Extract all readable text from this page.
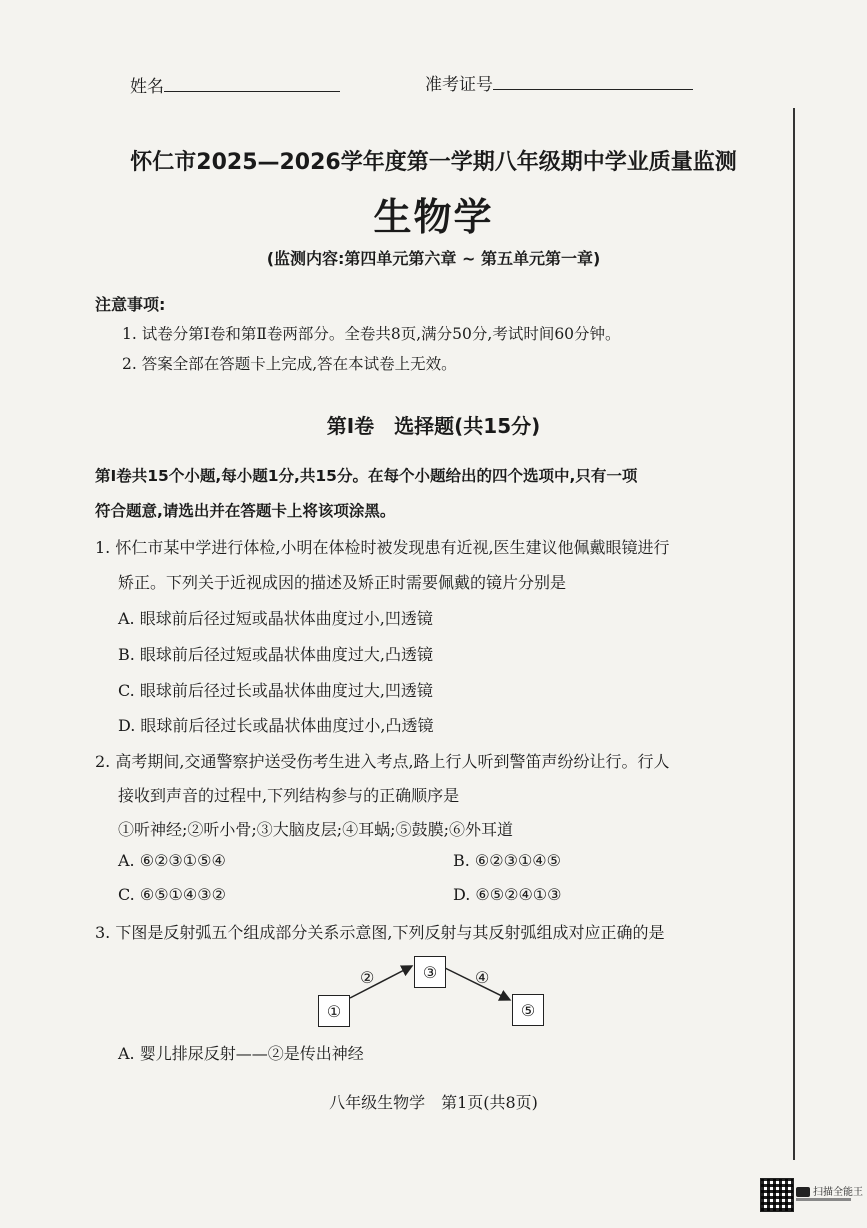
姓名	准考证号
怀仁市2025—2026学年度第一学期八年级期中学业质量监测
生物学
(监测内容:第四单元第六章 ~ 第五单元第一章)
注意事项:
1. 试卷分第Ⅰ卷和第Ⅱ卷两部分。全卷共8页,满分50分,考试时间60分钟。
2. 答案全部在答题卡上完成,答在本试卷上无效。
第Ⅰ卷　选择题(共15分)
第Ⅰ卷共15个小题,每小题1分,共15分。在每个小题给出的四个选项中,只有一项
符合题意,请选出并在答题卡上将该项涂黑。
1. 怀仁市某中学进行体检,小明在体检时被发现患有近视,医生建议他佩戴眼镜进行
矫正。下列关于近视成因的描述及矫正时需要佩戴的镜片分别是
A. 眼球前后径过短或晶状体曲度过小,凹透镜
B. 眼球前后径过短或晶状体曲度过大,凸透镜
C. 眼球前后径过长或晶状体曲度过大,凹透镜
D. 眼球前后径过长或晶状体曲度过小,凸透镜
2. 高考期间,交通警察护送受伤考生进入考点,路上行人听到警笛声纷纷让行。行人
接收到声音的过程中,下列结构参与的正确顺序是
①听神经;②听小骨;③大脑皮层;④耳蜗;⑤鼓膜;⑥外耳道
A. ⑥②③①⑤④	B. ⑥②③①④⑤
C. ⑥⑤①④③②	D. ⑥⑤②④①③
3. 下图是反射弧五个组成部分关系示意图,下列反射与其反射弧组成对应正确的是
①
③
⑤
②	④
A. 婴儿排尿反射——②是传出神经
八年级生物学　第1页(共8页)
扫描全能王
